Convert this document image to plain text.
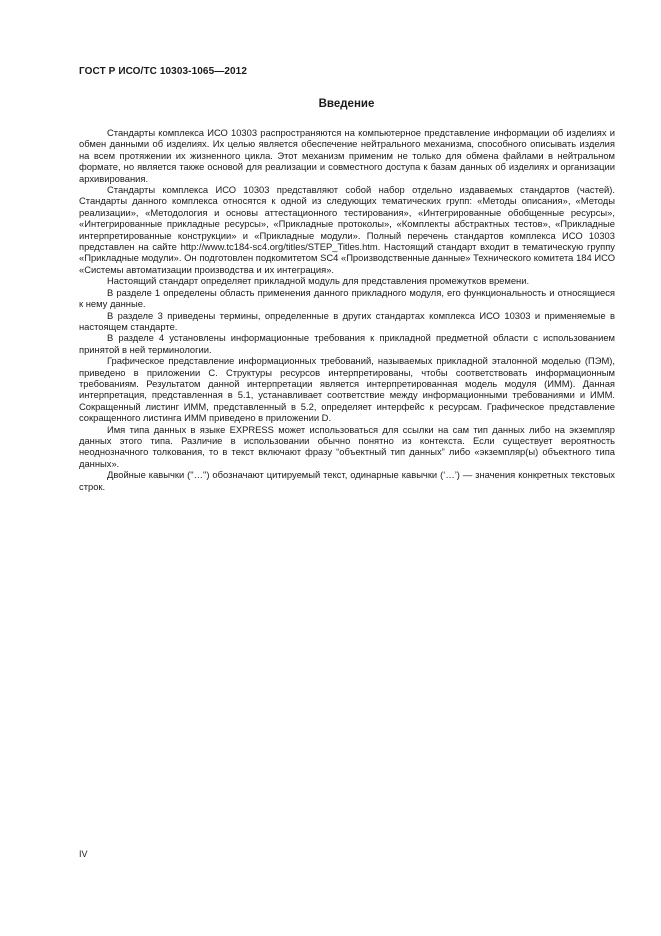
ГОСТ Р ИСО/ТС 10303-1065—2012
Введение

Стандарты комплекса ИСО 10303 распространяются на компьютерное представление информации об изделиях и обмен данными об изделиях. Их целью является обеспечение нейтрального механизма, способного описывать изделия на всем протяжении их жизненного цикла. Этот механизм применим не только для обмена файлами в нейтральном формате, но является также основой для реализации и совместного доступа к базам данных об изделиях и организации архивирования.

Стандарты комплекса ИСО 10303 представляют собой набор отдельно издаваемых стандартов (частей). Стандарты данного комплекса относятся к одной из следующих тематических групп: «Методы описания», «Методы реализации», «Методология и основы аттестационного тестирования», «Интегрированные обобщенные ресурсы», «Интегрированные прикладные ресурсы», «Прикладные протоколы», «Комплекты абстрактных тестов», «Прикладные интерпретированные конструкции» и «Прикладные модули». Полный перечень стандартов комплекса ИСО 10303 представлен на сайте http://www.tc184-sc4.org/titles/STEP_Titles.htm. Настоящий стандарт входит в тематическую группу «Прикладные модули». Он подготовлен подкомитетом SC4 «Производственные данные» Технического комитета 184 ИСО «Системы автоматизации производства и их интеграция».

Настоящий стандарт определяет прикладной модуль для представления промежутков времени.

В разделе 1 определены область применения данного прикладного модуля, его функциональность и относящиеся к нему данные.

В разделе 3 приведены термины, определенные в других стандартах комплекса ИСО 10303 и применяемые в настоящем стандарте.

В разделе 4 установлены информационные требования к прикладной предметной области с использованием принятой в ней терминологии.

Графическое представление информационных требований, называемых прикладной эталонной моделью (ПЭМ), приведено в приложении С. Структуры ресурсов интерпретированы, чтобы соответствовать информационным требованиям. Результатом данной интерпретации является интерпретированная модель модуля (ИММ). Данная интерпретация, представленная в 5.1, устанавливает соответствие между информационными требованиями и ИММ. Сокращенный листинг ИММ, представленный в 5.2, определяет интерфейс к ресурсам. Графическое представление сокращенного листинга ИММ приведено в приложении D.

Имя типа данных в языке EXPRESS может использоваться для ссылки на сам тип данных либо на экземпляр данных этого типа. Различие в использовании обычно понятно из контекста. Если существует вероятность неоднозначного толкования, то в текст включают фразу “объектный тип данных” либо «экземпляр(ы) объектного типа данных».

Двойные кавычки ("…") обозначают цитируемый текст, одинарные кавычки (‘…’) — значения конкретных текстовых строк.

IV
